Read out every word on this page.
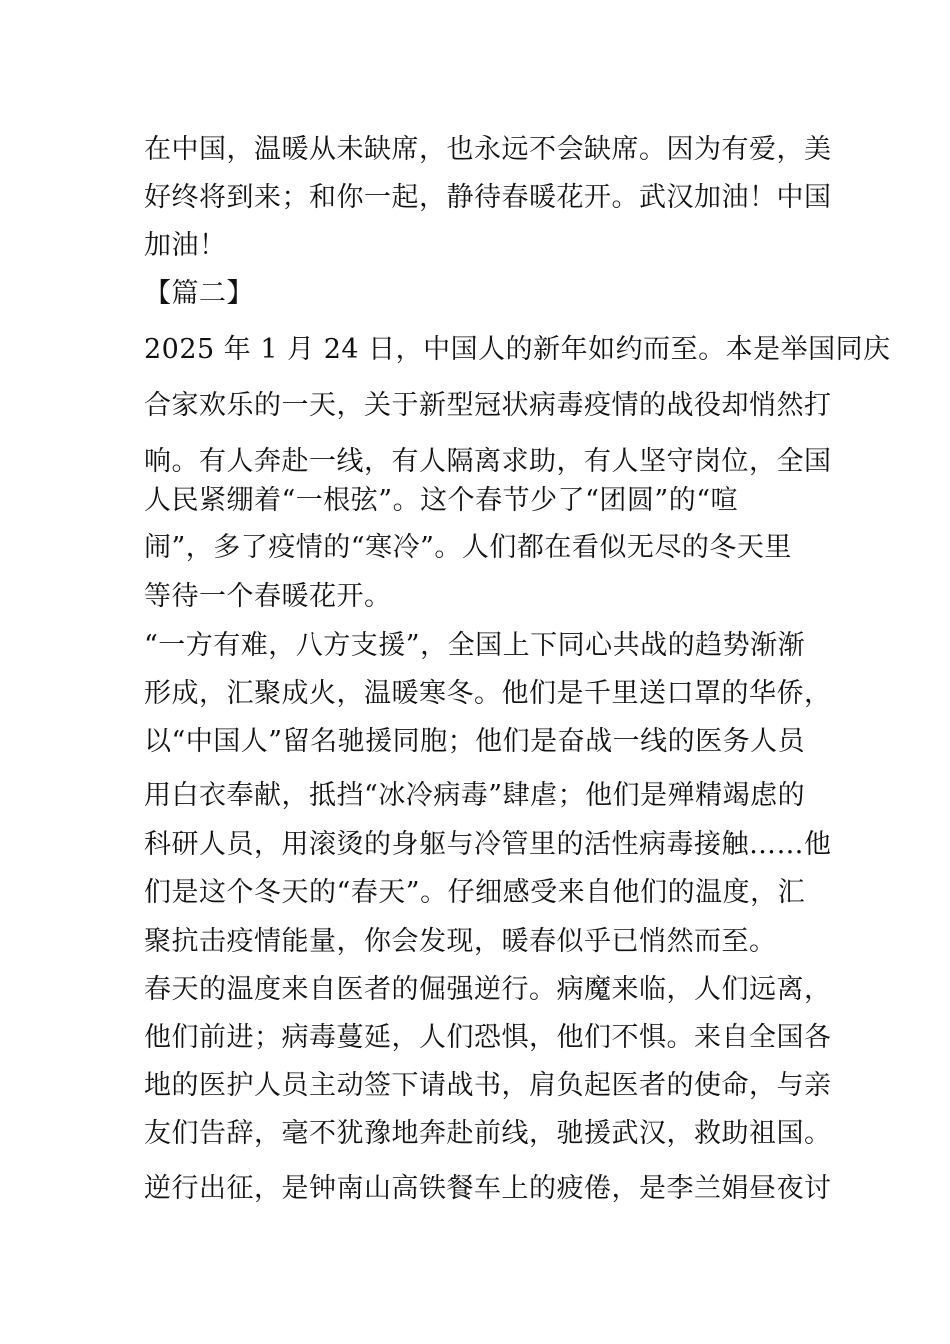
在中国，温暖从未缺席，也永远不会缺席。因为有爱，美
好终将到来；和你一起，静待春暖花开。武汉加油！中国
加油！
【篇二】
2025 年 1 月 24 日，中国人的新年如约而至。本是举国同庆
合家欢乐的一天，关于新型冠状病毒疫情的战役却悄然打
响。有人奔赴一线，有人隔离求助，有人坚守岗位，全国
人民紧绷着“一根弦”。这个春节少了“团圆”的“喧
闹”，多了疫情的“寒冷”。人们都在看似无尽的冬天里
等待一个春暖花开。
“一方有难，八方支援”，全国上下同心共战的趋势渐渐
形成，汇聚成火，温暖寒冬。他们是千里送口罩的华侨，
以“中国人”留名驰援同胞；他们是奋战一线的医务人员
用白衣奉献，抵挡“冰冷病毒”肆虐；他们是殚精竭虑的
科研人员，用滚烫的身躯与冷管里的活性病毒接触……他
们是这个冬天的“春天”。仔细感受来自他们的温度，汇
聚抗击疫情能量，你会发现，暖春似乎已悄然而至。
春天的温度来自医者的倔强逆行。病魔来临，人们远离，
他们前进；病毒蔓延，人们恐惧，他们不惧。来自全国各
地的医护人员主动签下请战书，肩负起医者的使命，与亲
友们告辞，毫不犹豫地奔赴前线，驰援武汉，救助祖国。
逆行出征，是钟南山高铁餐车上的疲倦，是李兰娟昼夜讨
